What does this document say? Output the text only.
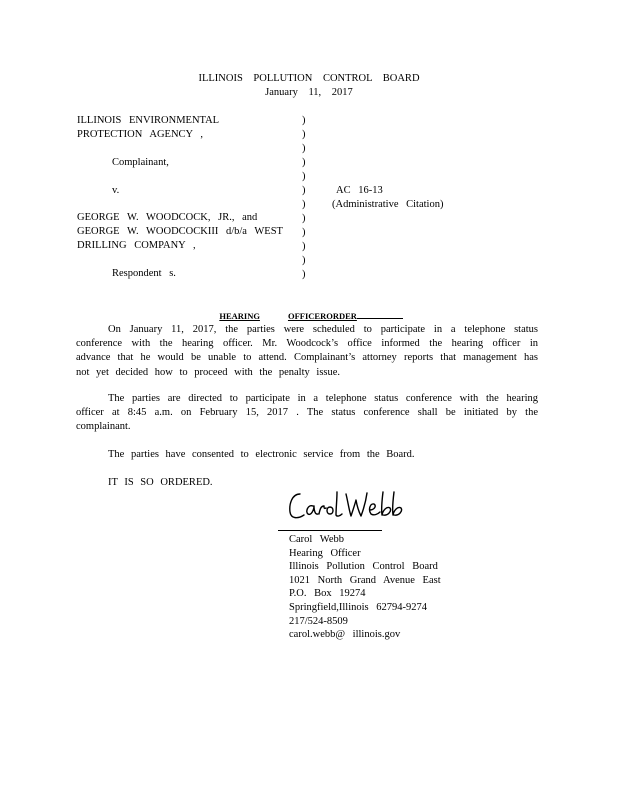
ILLINOIS POLLUTION CONTROL BOARD
January 11, 2017
ILLINOIS ENVIRONMENTAL
PROTECTION AGENCY ,
Complainant,
v.
GEORGE W. WOODCOCK, JR., and
GEORGE W. WOODCOCKIII d/b/a WEST
DRILLING COMPANY ,
Respondent s.

)

)

)

)

)

)

)

)

)

)

)

)

AC 16-13
(Administrative Citation)

HEARING	OFFICERORDER

On January 11, 2017, the parties were scheduled to participate in a telephone status conference with the hearing officer. Mr. Woodcock’s office informed the hearing officer in advance that he would be unable to attend. Complainant’s attorney reports that management has not yet decided how to proceed with the penalty issue.
The parties are directed to participate in a telephone status conference with the hearing officer at 8:45 a.m. on February 15, 2017 . The status conference shall be initiated by the complainant.
The parties have consented to electronic service from the Board.
IT IS SO ORDERED.
Carol Webb
Hearing Officer
Illinois Pollution Control Board
1021 North Grand Avenue East
P.O. Box 19274
Springfield,Illinois 62794-9274
217/524-8509
carol.webb@ illinois.gov
